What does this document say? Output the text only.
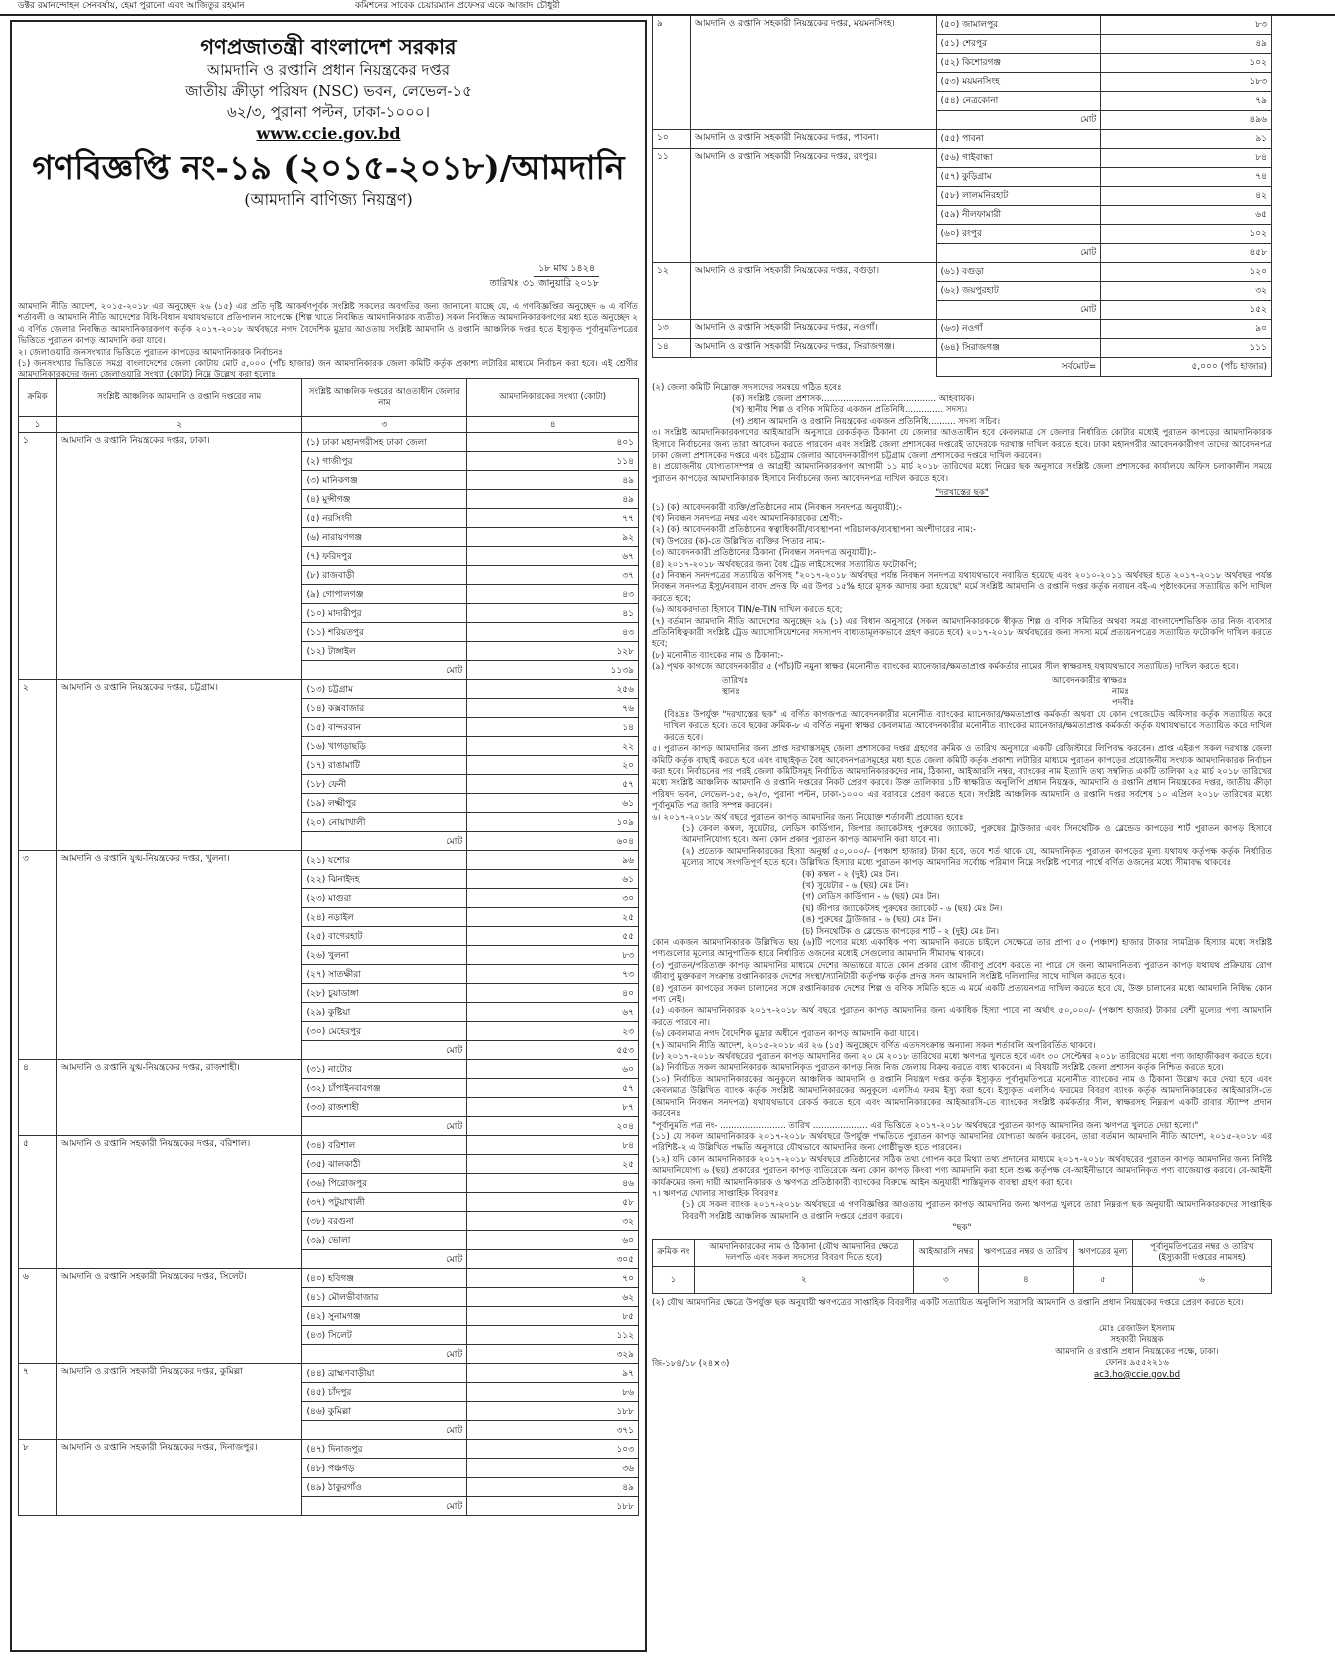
ডক্টর রমানন্দোহন সেনবর্ষায়, হেমা পুরানো এবং আজিতুর রহমান	কমিশনের সাবেক চেয়ারম্যান প্রফেসর একে আজাদ চৌধুরী
গণপ্রজাতন্ত্রী বাংলাদেশ সরকার
আমদানি ও রপ্তানি প্রধান নিয়ন্ত্রকের দপ্তর
জাতীয় ক্রীড়া পরিষদ (NSC) ভবন, লেভেল-১৫
৬২/৩, পুরানা পল্টন, ঢাকা-১০০০।
www.ccie.gov.bd
গণবিজ্ঞপ্তি নং-১৯ (২০১৫-২০১৮)/আমদানি
(আমদানি বাণিজ্য নিয়ন্ত্রণ)
১৮ মাঘ ১৪২৪
তারিখঃ ৩১ জানুয়ারি ২০১৮
আমদানি নীতি আদেশ, ২০১৫-২০১৮ এর অনুচ্ছেদ ২৬ (১৫) এর প্রতি দৃষ্টি আকর্ষণপূর্বক সংশ্লিষ্ট সকলের অবগতির জন্য জানানো যাচ্ছে যে, এ গণবিজ্ঞপ্তির অনুচ্ছেদ ৬ এ বর্ণিত শর্তাবলী ও আমদানি নীতি আদেশের বিধি-বিধান যথাযথভাবে প্রতিপালন সাপেক্ষে (শিল্প খাতে নিবন্ধিত আমদানিকারক ব্যতীত) সকল নিবন্ধিত আমদানিকারকগণের মধ্য হতে অনুচ্ছেদ ২ এ বর্ণিত জেলার নিবন্ধিত আমদানিকারকগণ কর্তৃক ২০১৭-২০১৮ অর্থবছরে নগদ বৈদেশিক মুদ্রার আওতায় সংশ্লিষ্ট আমদানি ও রপ্তানি আঞ্চলিক দপ্তর হতে ইস্যুকৃত পূর্বানুমতিপত্রের ভিত্তিতে পুরাতন কাপড় আমদানি করা যাবে।
২। জেলাওয়ারি জনসংখ্যার ভিত্তিতে পুরাতন কাপড়ের আমদানিকারক নির্বাচনঃ
(১) জনসংখ্যার ভিত্তিতে সমগ্র বাংলাদেশের জেলা কোটায় মোট ৫,০০০ (পাঁচ হাজার) জন আমদানিকারক জেলা কমিটি কর্তৃক প্রকাশ্য লটারির মাধ্যমে নির্বাচন করা হবে। এই শ্রেণীর আমদানিকারকদের জন্য জেলাওয়ারি সংখ্যা (কোটা) নিম্নে উল্লেখ করা হলোঃ
ক্রমিক	সংশ্লিষ্ট আঞ্চলিক আমদানি ও রপ্তানি দপ্তরের নাম	সংশ্লিষ্ট আঞ্চলিক দপ্তরের আওতাধীন জেলার নাম	আমদানিকারকের সংখ্যা (কোটা)
১	২	৩	৪
১	আমদানি ও রপ্তানি নিয়ন্ত্রকের দপ্তর, ঢাকা।	(১) ঢাকা মহানগরীসহ ঢাকা জেলা	৪০১
		(২) গাজীপুর	১১৪
		(৩) মানিকগঞ্জ	৪৯
		(৪) মুন্সীগঞ্জ	৪৯
		(৫) নরসিংদী	৭৭
		(৬) নারায়ণগঞ্জ	৯২
		(৭) ফরিদপুর	৬৭
		(৮) রাজবাড়ী	৩৭
		(৯) গোপালগঞ্জ	৪৩
		(১০) মাদারীপুর	৪১
		(১১) শরিয়তপুর	৪৩
		(১২) টাঙ্গাইল	১২৮
		মোট	১১৩৯
২	আমদানি ও রপ্তানি নিয়ন্ত্রকের দপ্তর, চট্টগ্রাম।	(১৩) চট্টগ্রাম	২৫৬
		(১৪) কক্সবাজার	৭৬
		(১৫) বান্দরবান	১৪
		(১৬) খাগড়াছড়ি	২২
		(১৭) রাঙামাটি	২০
		(১৮) ফেনী	৫৭
		(১৯) লক্ষ্মীপুর	৬১
		(২০) নোয়াখালী	১০৯
		মোট	৬০৪
৩	আমদানি ও রপ্তানি যুগ্ম-নিয়ন্ত্রকের দপ্তর, খুলনা।	(২১) যশোর	৯৬
		(২২) ঝিনাইদহ	৬১
		(২৩) মাগুরা	৩০
		(২৪) নড়াইল	২৫
		(২৫) বাগেরহাট	৫৫
		(২৬) খুলনা	৮৩
		(২৭) সাতক্ষীরা	৭৩
		(২৮) চুয়াডাঙ্গা	৪০
		(২৯) কুষ্টিয়া	৬৭
		(৩০) মেহেরপুর	২৩
		মোট	৫৫৩
৪	আমদানি ও রপ্তানি যুগ্ম-নিয়ন্ত্রকের দপ্তর, রাজশাহী।	(৩১) নাটোর	৬০
		(৩২) চাঁপাইনবাবগঞ্জ	৫৭
		(৩৩) রাজশাহী	৮৭
		মোট	২০৪
৫	আমদানি ও রপ্তানি সহকারী নিয়ন্ত্রকের দপ্তর, বরিশাল।	(৩৪) বরিশাল	৮৪
		(৩৫) ঝালকাঠী	২৫
		(৩৬) পিরোজপুর	৪৬
		(৩৭) পটুয়াখালী	৫৮
		(৩৮) বরগুনা	৩২
		(৩৯) ভোলা	৬০
		মোট	৩০৫
৬	আমদানি ও রপ্তানি সহকারী নিয়ন্ত্রকের দপ্তর, সিলেট।	(৪০) হবিগঞ্জ	৭০
		(৪১) মৌলভীবাজার	৬২
		(৪২) সুনামগঞ্জ	৮৫
		(৪৩) সিলেট	১১২
		মোট	৩২৯
৭	আমদানি ও রপ্তানি সহকারী নিয়ন্ত্রকের দপ্তর, কুমিল্লা	(৪৪) ব্রাহ্মণবাড়ীয়া	৯৭
		(৪৫) চাঁদপুর	৮৬
		(৪৬) কুমিল্লা	১৮৮
		মোট	৩৭১
৮	আমদানি ও রপ্তানি সহকারী নিয়ন্ত্রকের দপ্তর, দিনাজপুর।	(৪৭) দিনাজপুর	১০৩
		(৪৮) পঞ্চগড়	৩৬
		(৪৯) ঠাকুরগাঁও	৪৯
		মোট	১৮৮
৯	আমদানি ও রপ্তানি সহকারী নিয়ন্ত্রকের দপ্তর, ময়মনসিংহ।	(৫০) জামালপুর	৮৩
		(৫১) শেরপুর	৪৯
		(৫২) কিশোরগঞ্জ	১০২
		(৫৩) ময়মনসিংহ	১৮৩
		(৫৪) নেত্রকোনা	৭৯
		মোট	৪৯৬
১০	আমদানি ও রপ্তানি সহকারী নিয়ন্ত্রকের দপ্তর, পাবনা।	(৫৫) পাবনা	৯১
১১	আমদানি ও রপ্তানি সহকারী নিয়ন্ত্রকের দপ্তর, রংপুর।	(৫৬) গাইবান্ধা	৮৪
		(৫৭) কুড়িগ্রাম	৭৪
		(৫৮) লালমনিরহাট	৪২
		(৫৯) নীলফামারী	৬৫
		(৬০) রংপুর	১০২
		মোট	৪৫৮
১২	আমদানি ও রপ্তানি সহকারী নিয়ন্ত্রকের দপ্তর, বগুড়া।	(৬১) বগুড়া	১২০
		(৬২) জয়পুরহাট	৩২
		মোট	১৫২
১৩	আমদানি ও রপ্তানি সহকারী নিয়ন্ত্রকের দপ্তর, নওগাঁ।	(৬৩) নওগাঁ	৯০
১৪	আমদানি ও রপ্তানি সহকারী নিয়ন্ত্রকের দপ্তর, সিরাজগঞ্জ।	(৬৪) সিরাজগঞ্জ	১১১
		সর্বমোট=	৫,০০০ (পাঁচ হাজার)

(২) জেলা কমিটি নিম্নোক্ত সদস্যদের সমন্বয়ে গঠিত হবেঃ

(ক) সংশ্লিষ্ট জেলা প্রশাসক.......................................... আহবায়ক।

(খ) স্থানীয় শিল্প ও বণিক সমিতির একজন প্রতিনিধি.............. সদস্য।

(গ) প্রধান আমদানি ও রপ্তানি নিয়ন্ত্রকের একজন প্রতিনিধি.......... সদস্য সচিব।

৩। সংশ্লিষ্ট আমদানিকারকগণের আইআরসি অনুসারে রেকর্ডকৃত ঠিকানা যে জেলার আওতাধীন হবে কেবলমাত্র সে জেলার নির্ধারিত কোটার মধ্যেই পুরাতন কাপড়ের আমদানিকারক হিসাবে নির্বাচনের জন্য তারা আবেদন করতে পারবেন এবং সংশ্লিষ্ট জেলা প্রশাসকের দপ্তরেই তাদেরকে দরখাস্ত দাখিল করতে হবে। ঢাকা মহানগরীর আবেদনকারীগণ তাদের আবেদনপত্র ঢাকা জেলা প্রশাসকের দপ্তরে এবং চট্টগ্রাম জেলার আবেদনকারীগণ চট্টগ্রাম জেলা প্রশাসকের দপ্তরে দাখিল করবেন।

৪। প্রয়োজনীয় যোগ্যতাসম্পন্ন ও আগ্রহী আমদানিকারকগণ আগামী ১১ মার্চ ২০১৮ তারিখের মধ্যে নিম্নের ছক অনুসারে সংশ্লিষ্ট জেলা প্রশাসকের কার্যালয়ে অফিস চলাকালীন সময়ে পুরাতন কাপড়ের আমদানিকারক হিসাবে নির্বাচনের জন্য আবেদনপত্র দাখিল করতে হবে।

"দরখাস্তের ছক"

(১) (ক) আবেদনকারী ব্যক্তি/প্রতিষ্ঠানের নাম (নিবন্ধন সনদপত্র অনুযায়ী):-

(খ) নিবন্ধন সনদপত্র নম্বর এবং আমদানিকারকের শ্রেণী:-

(২) (ক) আবেদনকারী প্রতিষ্ঠানের স্বত্বাধিকারী/ব্যবস্থাপনা পরিচালক/ব্যবস্থাপনা অংশীদারের নাম:-

(খ) উপরের (ক)-তে উল্লিখিত ব্যক্তির পিতার নাম:-

(৩) আবেদনকারী প্রতিষ্ঠানের ঠিকানা (নিবন্ধন সনদপত্র অনুযায়ী):-

(৪) ২০১৭-২০১৮ অর্থবছরের জন্য বৈধ ট্রেড লাইসেন্সের সত্যায়িত ফটোকপি;

(৫) নিবন্ধন সনদপত্রের সত্যায়িত কপিসহ "২০১৭-২০১৮ অর্থবছর পর্যন্ত নিবন্ধন সনদপত্র যথাযথভাবে নবায়িত হয়েছে এবং ২০১০-২০১১ অর্থবছর হতে ২০১৭-২০১৮ অর্থবছর পর্যন্ত নিবন্ধন সনদপত্র ইস্যু/নবায়ন বাবদ প্রদত্ত ফি এর উপর ১৫% হারে মূসক আদায় করা হয়েছে" মর্মে সংশ্লিষ্ট আমদানি ও রপ্তানি দপ্তর কর্তৃক নবায়ন বই-এ পৃষ্ঠাংকনের সত্যায়িত কপি দাখিল করতে হবে;

(৬) আয়করদাতা হিসাবে TIN/e-TIN দাখিল করতে হবে;

(৭) বর্তমান আমদানি নীতি আদেশের অনুচ্ছেদ ২৯ (১) এর বিধান অনুসারে (সকল আমদানিকারককে স্বীকৃত শিল্প ও বণিক সমিতির অথবা সমগ্র বাংলাদেশভিত্তিক তার নিজ ব্যবসার প্রতিনিধিত্বকারী সংশ্লিষ্ট ট্রেড অ্যাসোসিয়েশনের সদস্যপদ বাধ্যতামূলকভাবে গ্রহণ করতে হবে) ২০১৭-২০১৮ অর্থবছরের জন্য সদস্য মর্মে প্রত্যয়নপত্রের সত্যায়িত ফটোকপি দাখিল করতে হবে;

(৮) মনোনীত ব্যাংকের নাম ও ঠিকানা:-

(৯) পৃথক কাগজে আবেদনকারীর ৫ (পাঁচ)টি নমুনা স্বাক্ষর (মনোনীত ব্যাংকের ম্যানেজার/ক্ষমতাপ্রাপ্ত কর্মকর্তার নামের সীল স্বাক্ষরসহ যথাযথভাবে সত্যায়িত) দাখিল করতে হবে।

তারিখঃ
স্থানঃ
আবেদনকারীর স্বাক্ষরঃ
নামঃ
পদবীঃ

(বিঃদ্রঃ উপর্যুক্ত "দরখাস্তের ছক" এ বর্ণিত কাগজপত্র আবেদনকারীর মনোনীত ব্যাংকের ম্যানেজার/ক্ষমতাপ্রাপ্ত কর্মকর্তা অথবা যে কোন গেজেটেড অফিসার কর্তৃক সত্যায়িত করে দাখিল করতে হবে। তবে ছকের ক্রমিক-৮ এ বর্ণিত নমুনা স্বাক্ষর কেবলমাত্র আবেদনকারীর মনোনীত ব্যাংকের ম্যানেজার/ক্ষমতাপ্রাপ্ত কর্মকর্তা কর্তৃক যথাযথভাবে সত্যায়িত করে দাখিল করতে হবে।

৫। পুরাতন কাপড় আমদানির জন্য প্রাপ্ত দরখাস্তসমূহ জেলা প্রশাসকের দপ্তর গ্রহণের ক্রমিক ও তারিখ অনুসারে একটি রেজিস্টারে লিপিবদ্ধ করবেন। প্রাপ্ত এইরূপ সকল দরখাস্ত জেলা কমিটি কর্তৃক বাছাই করতে হবে এবং বাছাইকৃত বৈধ আবেদনপত্রসমূহের মধ্য হতে জেলা কমিটি কর্তৃক প্রকাশ্য লটারির মাধ্যমে পুরাতন কাপড়ের প্রয়োজনীয় সংখ্যক আমদানিকারক নির্বাচন করা হবে। নির্বাচনের পর পরই জেলা কমিটিসমূহ নির্বাচিত আমদানিকারকদের নাম, ঠিকানা, আইআরসি নম্বর, ব্যাংকের নাম ইত্যাদি তথ্য সম্বলিত একটি তালিকা ২৫ মার্চ ২০১৮ তারিখের মধ্যে সংশ্লিষ্ট আঞ্চলিক আমদানি ও রপ্তানি দপ্তরের নিকট প্রেরণ করবে। উক্ত তালিকার ১টি স্বাক্ষরিত অনুলিপি প্রধান নিয়ন্ত্রক, আমদানি ও রপ্তানি প্রধান নিয়ন্ত্রকের দপ্তর, জাতীয় ক্রীড়া পরিষদ ভবন, লেভেল-১৫, ৬২/৩, পুরানা পল্টন, ঢাকা-১০০০ এর বরাবরে প্রেরণ করতে হবে। সংশ্লিষ্ট আঞ্চলিক আমদানি ও রপ্তানি দপ্তর সর্বশেষ ১০ এপ্রিল ২০১৮ তারিখের মধ্যে পূর্বানুমতি পত্র জারি সম্পন্ন করবেন।

৬। ২০১৭-২০১৮ অর্থ বছরে পুরাতন কাপড় আমদানির জন্য নিয়োক্ত শর্তাবলী প্রযোজ্য হবেঃ

(১) কেবল কম্বল, সুয়েটার, লেডিস কার্ডিগান, জিপার জ্যাকেটসহ পুরুষের জ্যাকেট, পুরুষের ট্রাউজার এবং সিনথেটিক ও ব্লেন্ডেড কাপড়ের শার্ট পুরাতন কাপড় হিসাবে আমদানিযোগ্য হবে। অন্য কোন প্রকার পুরাতন কাপড় আমদানি করা যাবে না।

(২) প্রত্যেক আমদানিকারকের হিস্যা অনুর্ধ্ব ৫০,০০০/- (পঞ্চাশ হাজার) টাকা হবে, তবে শর্ত থাকে যে, আমদানিকৃত পুরাতন কাপড়ের মূল্য যথাযথ কর্তৃপক্ষ কর্তৃক নির্ধারিত মূল্যের সাথে সংগতিপূর্ণ হতে হবে। উল্লিখিত হিস্যার মধ্যে পুরাতন কাপড় আমদানির সর্বোচ্চ পরিমাণ নিম্নে সংশ্লিষ্ট পণ্যের পার্শ্বে বর্ণিত ওজনের মধ্যে সীমাবদ্ধ থাকবেঃ

(ক) কম্বল - ২ (দুই) মেঃ টন।

(খ) সুয়েটার - ৬ (ছয়) মেঃ টন।

(গ) লেডিস কার্ডিগান - ৬ (ছয়) মেঃ টন।

(ঘ) জীপার জ্যাকেটসহ পুরুষের জ্যাকেট - ৬ (ছয়) মেঃ টন।

(ঙ) পুরুষের ট্রাউজার - ৬ (ছয়) মেঃ টন।

(চ) সিনথেটিক ও ব্লেন্ডেড কাপড়ের শার্ট - ২ (দুই) মেঃ টন।

কোন একজন আমদানিকারক উল্লিখিত ছয় (৬)টি পণ্যের মধ্যে একাধিক পণ্য আমদানি করতে চাইলে সেক্ষেত্রে তার প্রাপ্য ৫০ (পঞ্চাশ) হাজার টাকার সামগ্রিক হিস্যার মধ্যে সংশ্লিষ্ট পণ্যগুলোর মূল্যের আনুপাতিক হারে নির্ধারিত ওজনের মধ্যেই সেগুলোর আমদানি সীমাবদ্ধ থাকবে।

(৩) পুরাতন/পরিত্যক্ত কাপড় আমদানির মাধ্যমে দেশের অভ্যন্তরে যাতে কোন প্রকার রোগ জীবাণু প্রবেশ করতে না পারে সে জন্য আমদানিতব্য পুরাতন কাপড় যথাযথ প্রক্রিয়ায় রোগ জীবাণু মুক্তকরণ সংক্রান্ত রপ্তানিকারক দেশের সংস্থা/স্যানিটারী কর্তৃপক্ষ কর্তৃক প্রদত্ত সনদ আমদানি সংশ্লিষ্ট দলিলাদির সাথে দাখিল করতে হবে।

(৪) পুরাতন কাপড়ের সকল চালানের সঙ্গে রপ্তানিকারক দেশের শিল্প ও বণিক সমিতি হতে এ মর্মে একটি প্রত্যয়নপত্র দাখিল করতে হবে যে, উক্ত চালানের মধ্যে আমদানি নিষিদ্ধ কোন পণ্য নেই।

(৫) একজন আমদানিকারক ২০১৭-২০১৮ অর্থ বছরে পুরাতন কাপড় আমদানির জন্য একাধিক হিস্যা পাবে না অর্থাৎ ৫০,০০০/- (পঞ্চাশ হাজার) টাকার বেশী মূল্যের পণ্য আমদানি করতে পারবে না।

(৬) কেবলমাত্র নগদ বৈদেশিক মুদ্রার অধীনে পুরাতন কাপড় আমদানি করা যাবে।

(৭) আমদানি নীতি আদেশ, ২০১৫-২০১৮ এর ২৬ (১৫) অনুচ্ছেদে বর্ণিত এতদসংক্রান্ত অন্যান্য সকল শর্তাবলি অপরিবর্তিত থাকবে।

(৮) ২০১৭-২০১৮ অর্থবছরের পুরাতন কাপড় আমদানির জন্য ২০ মে ২০১৮ তারিখের মধ্যে ঋণপত্র খুলতে হবে এবং ৩০ সেপ্টেম্বর ২০১৮ তারিখের মধ্যে পণ্য জাহাজীকরণ করতে হবে।

(৯) নির্বাচিত সকল আমদানিকারক আমদানিকৃত পুরাতন কাপড় নিজ নিজ জেলায় বিক্রয় করতে বাধ্য থাকবেন। এ বিষয়টি সংশ্লিষ্ট জেলা প্রশাসন কর্তৃক নিশ্চিত করতে হবে।

(১০) নির্বাচিত আমদানিকারকের অনুকূলে আঞ্চলিক আমদানি ও রপ্তানি নিয়ন্ত্রণ দপ্তর কর্তৃক ইস্যুকৃত পূর্বানুমতিপত্রে মনোনীত ব্যাংকের নাম ও ঠিকানা উল্লেখ করে দেয়া হবে এবং কেবলমাত্র উল্লিখিত ব্যাংক কর্তৃক সংশ্লিষ্ট আমদানিকারকের অনুকূলে এলসিএ ফরম ইস্যু করা হবে। ইস্যুকৃত এলসিএ ফরমের বিবরণ ব্যাংক কর্তৃক আমদানিকারকের আইআরসি-তে (আমদানি নিবন্ধন সনদপত্র) যথাযথভাবে রেকর্ড করতে হবে এবং আমদানিকারকের আইআরসি-তে ব্যাংকের সংশ্লিষ্ট কর্মকর্তার সীল, স্বাক্ষরসহ নিম্নরূপ একটি রাবার স্ট্যাম্প প্রদান করবেনঃ

"পূর্বানুমতি পত্র নং- ........................ তারিখ .................... এর ভিত্তিতে ২০১৭-২০১৮ অর্থবছরে পুরাতন কাপড় আমদানির জন্য ঋণপত্র খুলতে দেয়া হলো।"

(১১) যে সকল আমদানিকারক ২০১৭-২০১৮ অর্থবছরে উপর্যুক্ত পদ্ধতিতে পুরাতন কাপড় আমদানির যোগ্যতা অর্জন করবেন, তারা বর্তমান আমদানি নীতি আদেশ, ২০১৫-২০১৮ এর পরিশিষ্ট-২ এ উল্লিখিত পদ্ধতি অনুসারে যৌথভাবে আমদানির জন্য গোষ্ঠীভুক্ত হতে পারবেন।

(১২) যদি কোন আমদানিকারক ২০১৭-২০১৮ অর্থবছরে প্রতিষ্ঠানের সঠিক তথ্য গোপন করে মিথ্যা তথ্য প্রদানের মাধ্যমে ২০১৭-২০১৮ অর্থবছরের পুরাতন কাপড় আমদানির জন্য নির্দিষ্ট আমদানিযোগ্য ৬ (ছয়) প্রকারের পুরাতন কাপড় ব্যতিরেকে অন্য কোন কাপড় কিংবা পণ্য আমদানি করা হলে শুল্ক কর্তৃপক্ষ বে-আইনীভাবে আমদানিকৃত পণ্য বাজেয়াপ্ত করবে। বে-আইনী কার্যক্রমের জন্য দায়ী আমদানিকারক ও ঋণপত্র প্রতিষ্ঠাকারী ব্যাংকের বিরুদ্ধে আইন অনুযায়ী শাস্তিমূলক ব্যবস্থা গ্রহণ করা হবে।

৭। ঋণপত্র খোলার সাপ্তাহিক বিবরণঃ

(১) যে সকল ব্যাংক ২০১৭-২০১৮ অর্থবছরে এ গণবিজ্ঞপ্তির আওতায় পুরাতন কাপড় আমদানির জন্য ঋণপত্র খুলবে তারা নিম্নরূপ ছক অনুযায়ী আমদানিকারকদের সাপ্তাহিক বিবরণী সংশ্লিষ্ট আঞ্চলিক আমদানি ও রপ্তানি দপ্তরে প্রেরণ করবে।

"ছক"

ক্রমিক নং	আমদানিকারকের নাম ও ঠিকানা (যৌথ আমদানির ক্ষেত্রে দলপতি এবং সকল সদস্যের বিবরণ দিতে হবে)	আইআরসি নম্বর	ঋণপত্রের নম্বর ও তারিখ	ঋণপত্রের মূল্য	পূর্বানুমতিপত্রের নম্বর ও তারিখ (ইস্যুকারী দপ্তরের নামসহ)
১	২	৩	৪	৫	৬

(২) যৌথ আমদানির ক্ষেত্রে উপর্যুক্ত ছক অনুযায়ী ঋণপত্রের সাপ্তাহিক বিবরণীর একটি সত্যায়িত অনুলিপি সরাসরি আমদানি ও রপ্তানি প্রধান নিয়ন্ত্রকের দপ্তরে প্রেরণ করতে হবে।

মোঃ রেজাউল ইসলাম
সহকারী নিয়ন্ত্রক
আমদানি ও রপ্তানি প্রধান নিয়ন্ত্রকের পক্ষে, ঢাকা।
ফোনঃ ৯৫৫২২১৬
ac3.ho@ccie.gov.bd
জি-১৮৪/১৮ (২৪×৩)
